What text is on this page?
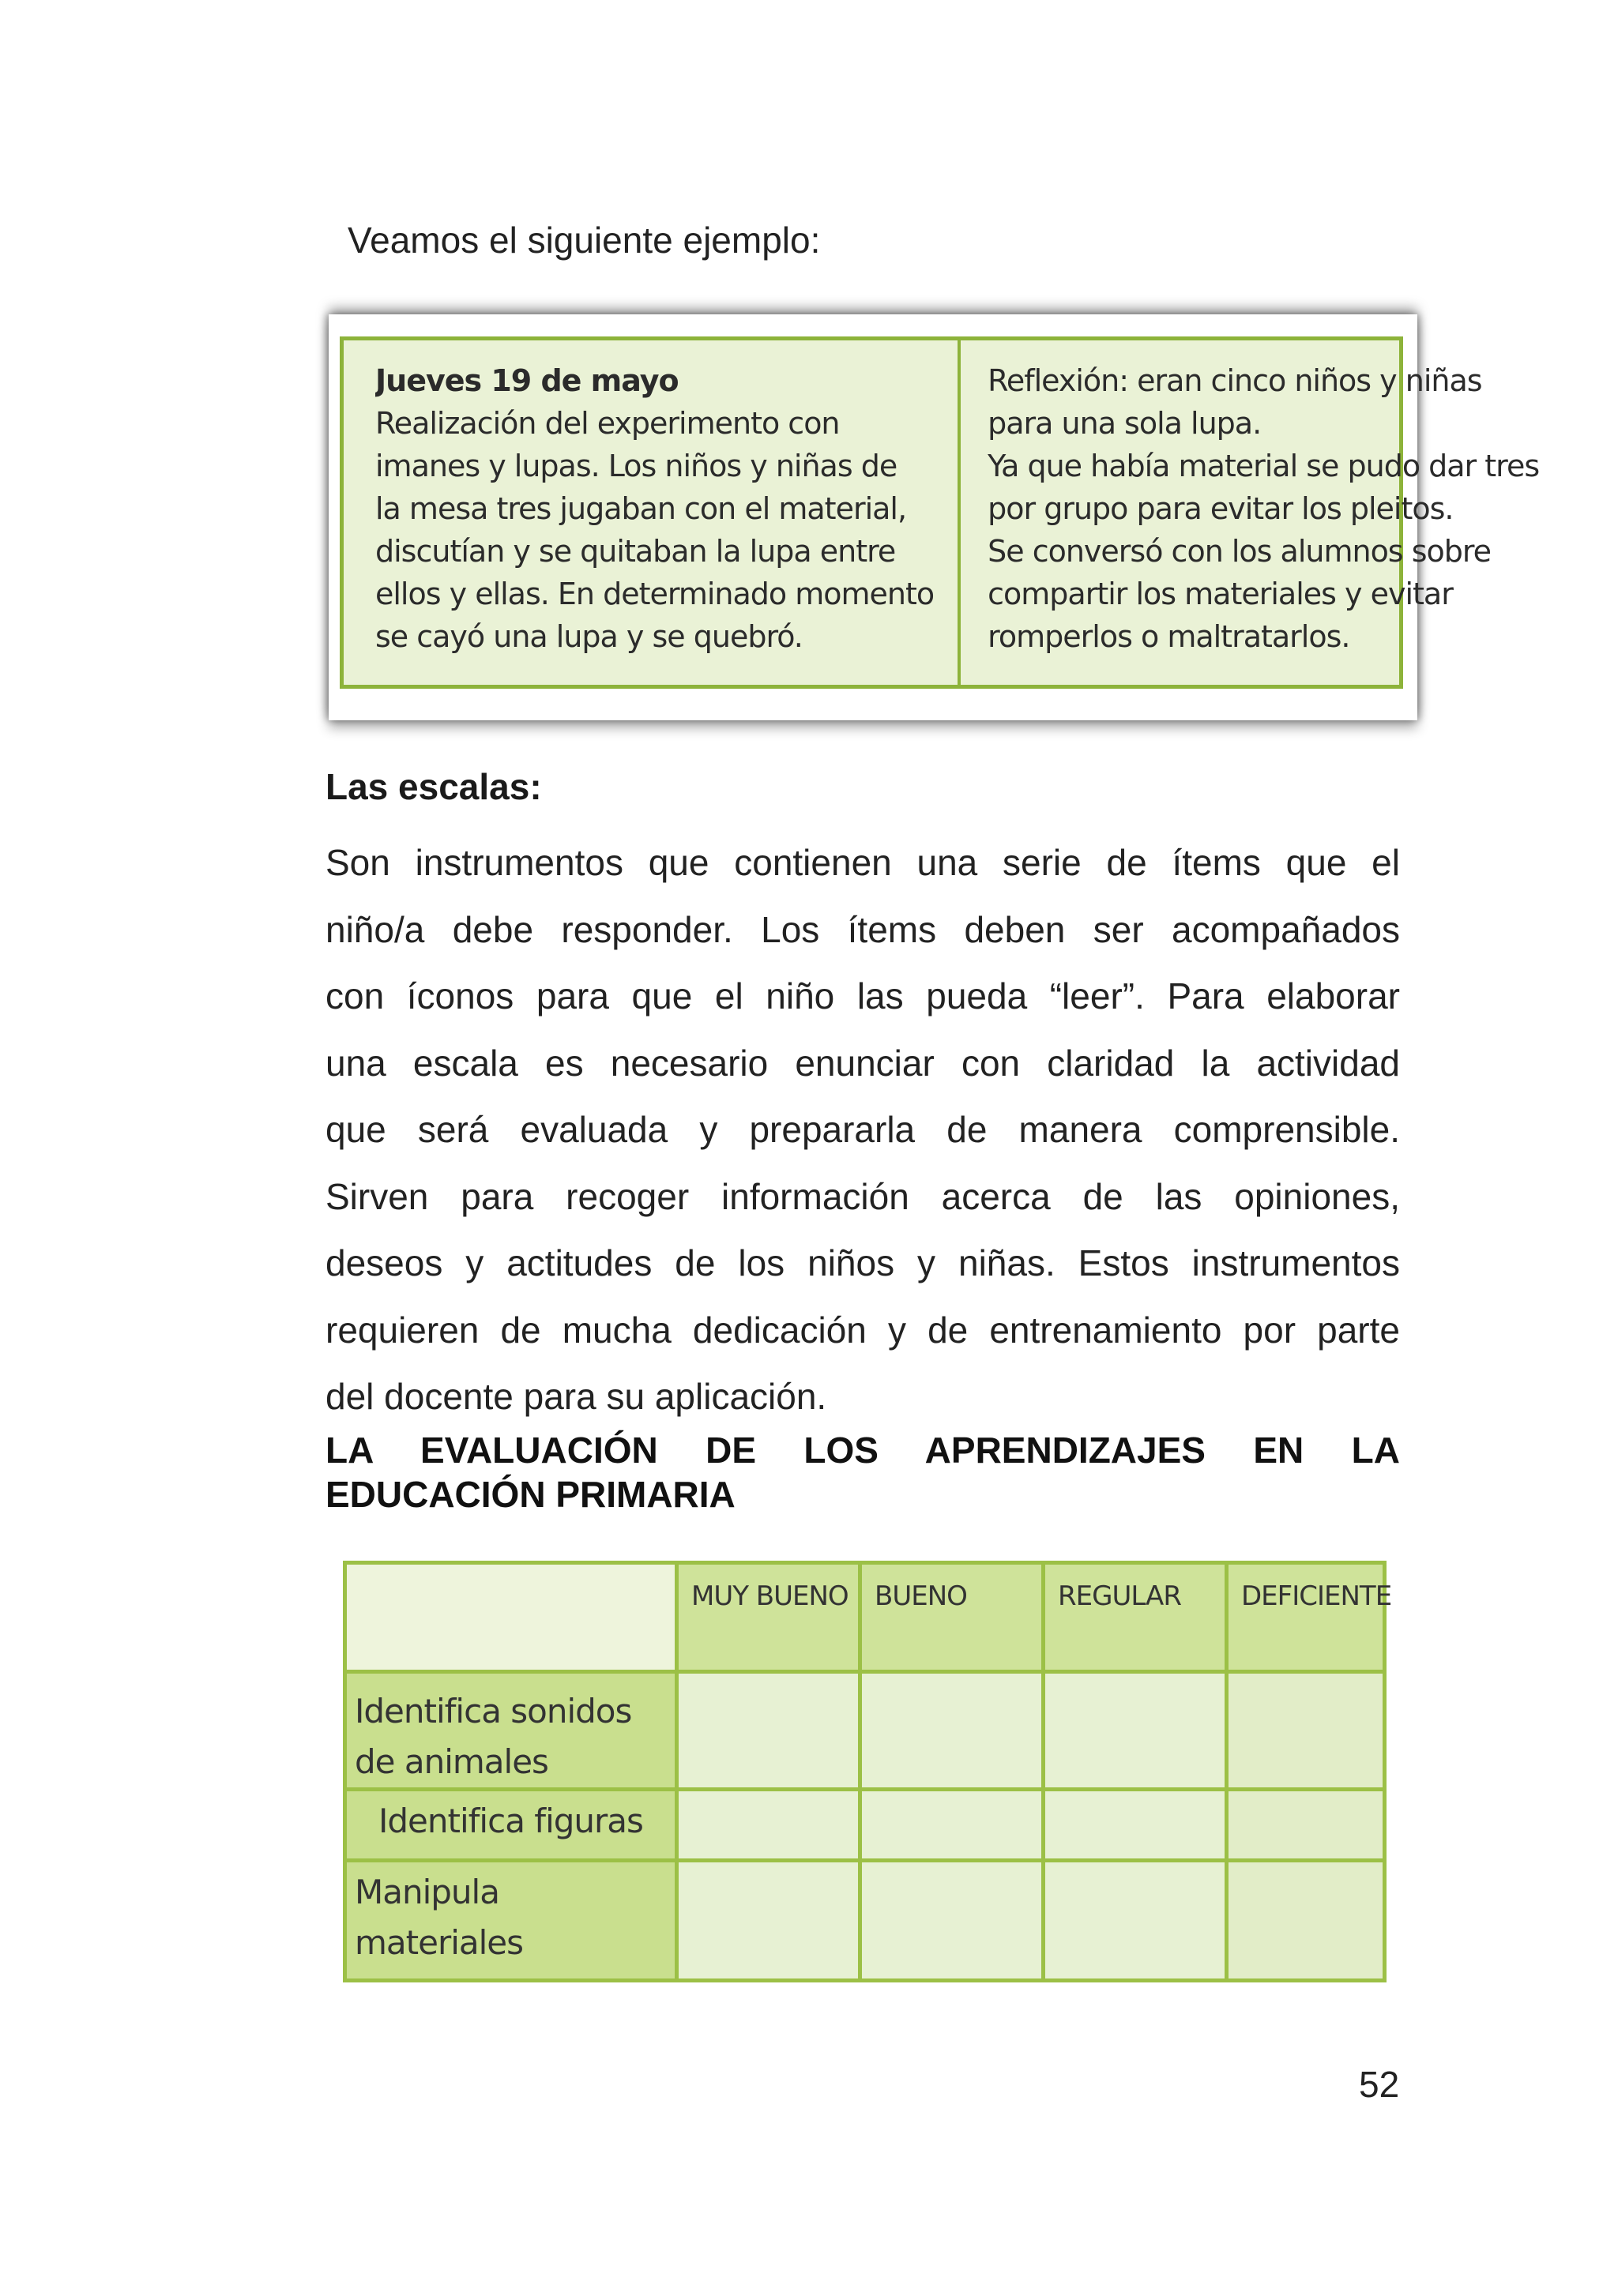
Veamos el siguiente ejemplo:
Jueves 19 de mayo
Realización del experimento con
imanes y lupas. Los niños y niñas de
la mesa tres jugaban con el material,
discutían y se quitaban la lupa entre
ellos y ellas. En determinado momento
se cayó una lupa y se quebró.
Reflexión: eran cinco niños y niñas
para una sola lupa.
Ya que había material se pudo dar tres
por grupo para evitar los pleitos.
Se conversó con los alumnos sobre
compartir los materiales y evitar
romperlos o maltratarlos.
Las escalas:
Son instrumentos que contienen una serie de ítems que el
niño/a debe responder. Los ítems deben ser acompañados
con íconos para que el niño las pueda “leer”. Para elaborar
una escala es necesario enunciar con claridad la actividad
que será evaluada y prepararla de manera comprensible.
Sirven para recoger información acerca de las opiniones,
deseos y actitudes de los niños y niñas. Estos instrumentos
requieren de mucha dedicación y de entrenamiento por parte
del docente para su aplicación.
LA EVALUACIÓN DE LOS APRENDIZAJES EN LA
EDUCACIÓN PRIMARIA
	MUY BUENO	BUENO	REGULAR	DEFICIENTE
Identifica sonidos de animales				
Identifica figuras				
Manipula materiales				
52
